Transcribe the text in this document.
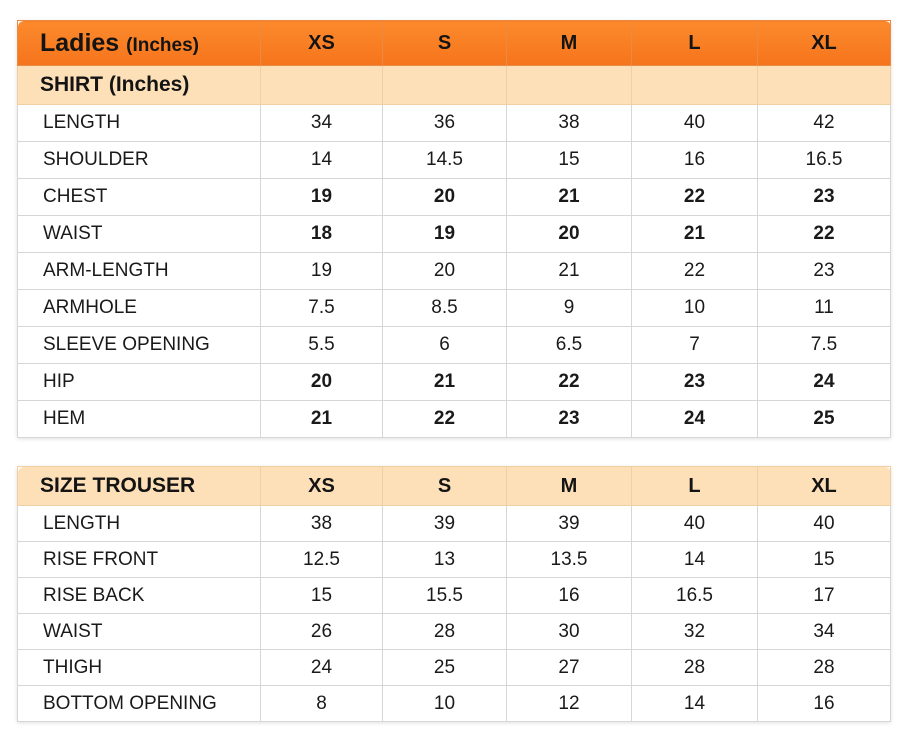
Ladies (Inches)	XS	S	M	L	XL
SHIRT (Inches)					
LENGTH	34	36	38	40	42
SHOULDER	14	14.5	15	16	16.5
CHEST	19	20	21	22	23
WAIST	18	19	20	21	22
ARM-LENGTH	19	20	21	22	23
ARMHOLE	7.5	8.5	9	10	11
SLEEVE OPENING	5.5	6	6.5	7	7.5
HIP	20	21	22	23	24
HEM	21	22	23	24	25
SIZE TROUSER	XS	S	M	L	XL
LENGTH	38	39	39	40	40
RISE FRONT	12.5	13	13.5	14	15
RISE BACK	15	15.5	16	16.5	17
WAIST	26	28	30	32	34
THIGH	24	25	27	28	28
BOTTOM OPENING	8	10	12	14	16
